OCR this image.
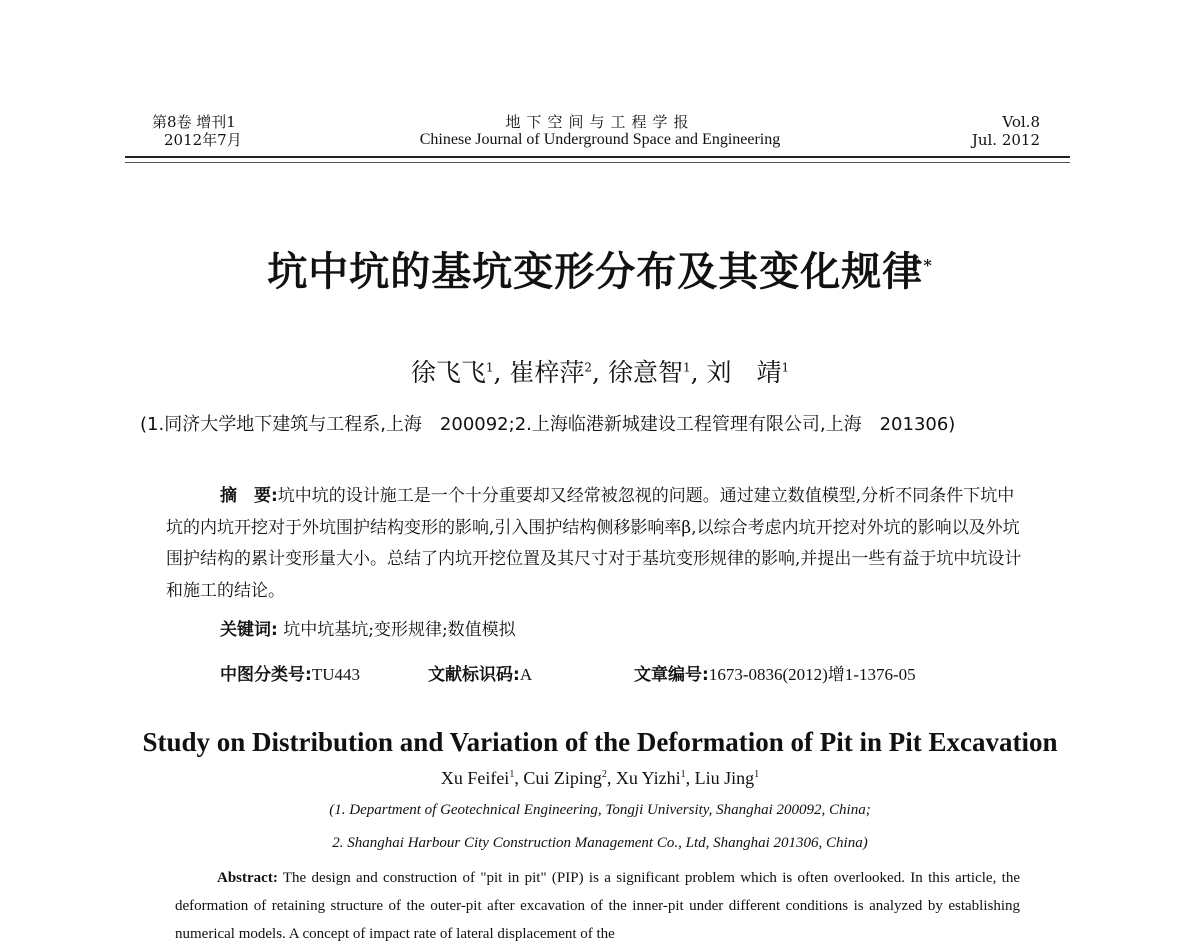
第8卷 增刊1
2012年7月
地下空间与工程学报
Chinese Journal of Underground Space and Engineering
Vol.8
Jul. 2012
坑中坑的基坑变形分布及其变化规律*
徐飞飞$^1$, 崔梓萍$^2$, 徐意智$^1$, 刘　靖$^1$
(1.同济大学地下建筑与工程系,上海　200092;2.上海临港新城建设工程管理有限公司,上海　201306)

摘　要:坑中坑的设计施工是一个十分重要却又经常被忽视的问题。通过建立数值模型,分析不同条件下坑中坑的内坑开挖对于外坑围护结构变形的影响,引入围护结构侧移影响率β,以综合考虑内坑开挖对外坑的影响以及外坑围护结构的累计变形量大小。总结了内坑开挖位置及其尺寸对于基坑变形规律的影响,并提出一些有益于坑中坑设计和施工的结论。

关键词: 坑中坑基坑;变形规律;数值模拟
中图分类号:TU443	文献标识码:A	文章编号:1673-0836(2012)增1-1376-05
Study on Distribution and Variation of the Deformation of Pit in Pit Excavation
Xu Feifei$^1$, Cui Ziping$^2$, Xu Yizhi$^1$, Liu Jing$^1$
(1. Department of Geotechnical Engineering, Tongji University, Shanghai 200092, China;
2. Shanghai Harbour City Construction Management Co., Ltd, Shanghai 201306, China)

Abstract: The design and construction of "pit in pit" (PIP) is a significant problem which is often overlooked. In this article, the deformation of retaining structure of the outer-pit after excavation of the inner-pit under different conditions is analyzed by establishing numerical models. A concept of impact rate of lateral displacement of the
